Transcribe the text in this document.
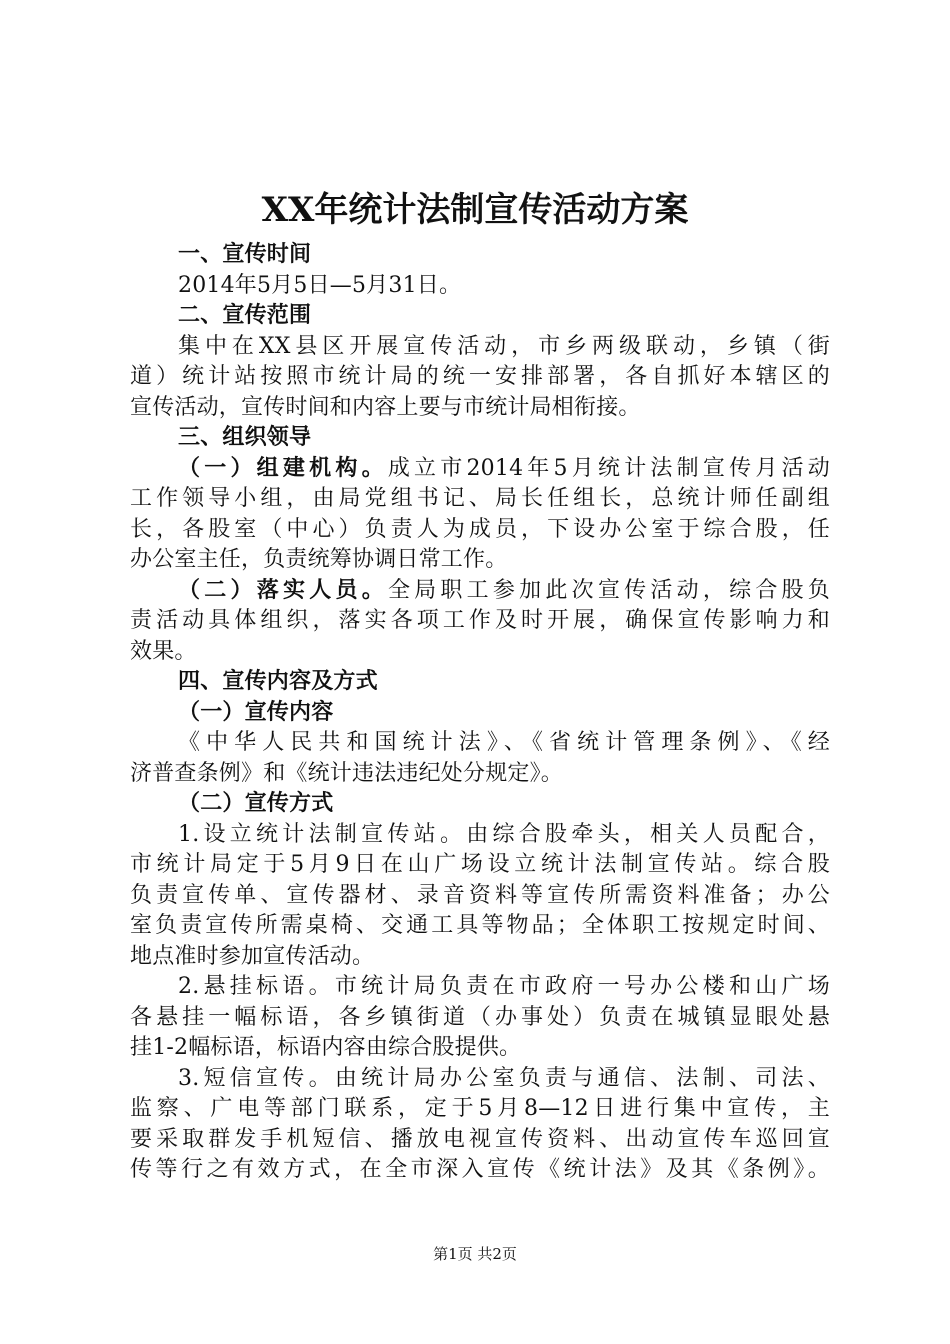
XX年统计法制宣传活动方案
一、宣传时间
2014年5月5日—5月31日。
二、宣传范围
集中在XX县区开展宣传活动，市乡两级联动，乡镇（街
道）统计站按照市统计局的统一安排部署，各自抓好本辖区的
宣传活动，宣传时间和内容上要与市统计局相衔接。
三、组织领导
（一）组建机构。成立市2014年5月统计法制宣传月活动
工作领导小组，由局党组书记、局长任组长，总统计师任副组
长，各股室（中心）负责人为成员，下设办公室于综合股，任
办公室主任，负责统筹协调日常工作。
（二）落实人员。全局职工参加此次宣传活动，综合股负
责活动具体组织，落实各项工作及时开展，确保宣传影响力和
效果。
四、宣传内容及方式
（一）宣传内容
《中华人民共和国统计法》、《省统计管理条例》、《经
济普查条例》和《统计违法违纪处分规定》。
（二）宣传方式
1.设立统计法制宣传站。由综合股牵头，相关人员配合，
市统计局定于5月9日在山广场设立统计法制宣传站。综合股
负责宣传单、宣传器材、录音资料等宣传所需资料准备；办公
室负责宣传所需桌椅、交通工具等物品；全体职工按规定时间、
地点准时参加宣传活动。
2.悬挂标语。市统计局负责在市政府一号办公楼和山广场
各悬挂一幅标语，各乡镇街道（办事处）负责在城镇显眼处悬
挂1-2幅标语，标语内容由综合股提供。
3.短信宣传。由统计局办公室负责与通信、法制、司法、
监察、广电等部门联系，定于5月8—12日进行集中宣传，主
要采取群发手机短信、播放电视宣传资料、出动宣传车巡回宣
传等行之有效方式，在全市深入宣传《统计法》及其《条例》。
第1页 共2页
